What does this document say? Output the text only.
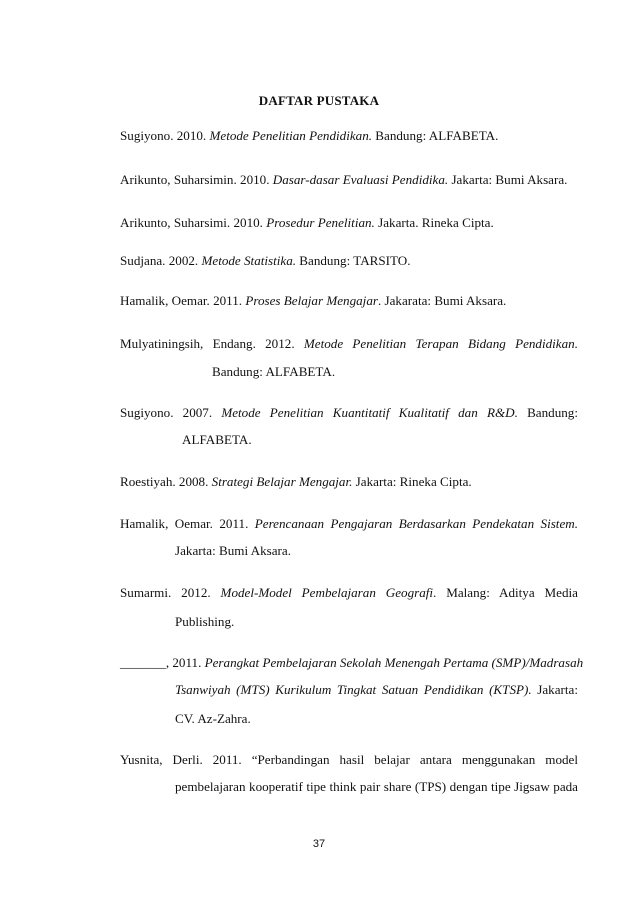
DAFTAR PUSTAKA
Sugiyono. 2010. Metode Penelitian Pendidikan. Bandung: ALFABETA.
Arikunto, Suharsimin. 2010. Dasar-dasar Evaluasi Pendidika. Jakarta: Bumi Aksara.
Arikunto, Suharsimi. 2010. Prosedur Penelitian. Jakarta. Rineka Cipta.
Sudjana. 2002. Metode Statistika. Bandung: TARSITO.
Hamalik, Oemar. 2011. Proses Belajar Mengajar. Jakarata: Bumi Aksara.
Mulyatiningsih, Endang. 2012. Metode Penelitian Terapan Bidang Pendidikan.
Bandung: ALFABETA.
Sugiyono. 2007. Metode Penelitian Kuantitatif Kualitatif dan R&D. Bandung:
ALFABETA.
Roestiyah. 2008. Strategi Belajar Mengajar. Jakarta: Rineka Cipta.
Hamalik, Oemar. 2011. Perencanaan Pengajaran Berdasarkan Pendekatan Sistem.
Jakarta: Bumi Aksara.
Sumarmi. 2012. Model-Model Pembelajaran Geografi. Malang: Aditya Media
Publishing.
_______, 2011. Perangkat Pembelajaran Sekolah Menengah Pertama (SMP)/Madrasah
Tsanwiyah (MTS) Kurikulum Tingkat Satuan Pendidikan (KTSP). Jakarta:
CV. Az-Zahra.
Yusnita, Derli. 2011. “Perbandingan hasil belajar antara menggunakan model
pembelajaran kooperatif tipe think pair share (TPS) dengan tipe Jigsaw pada
37
